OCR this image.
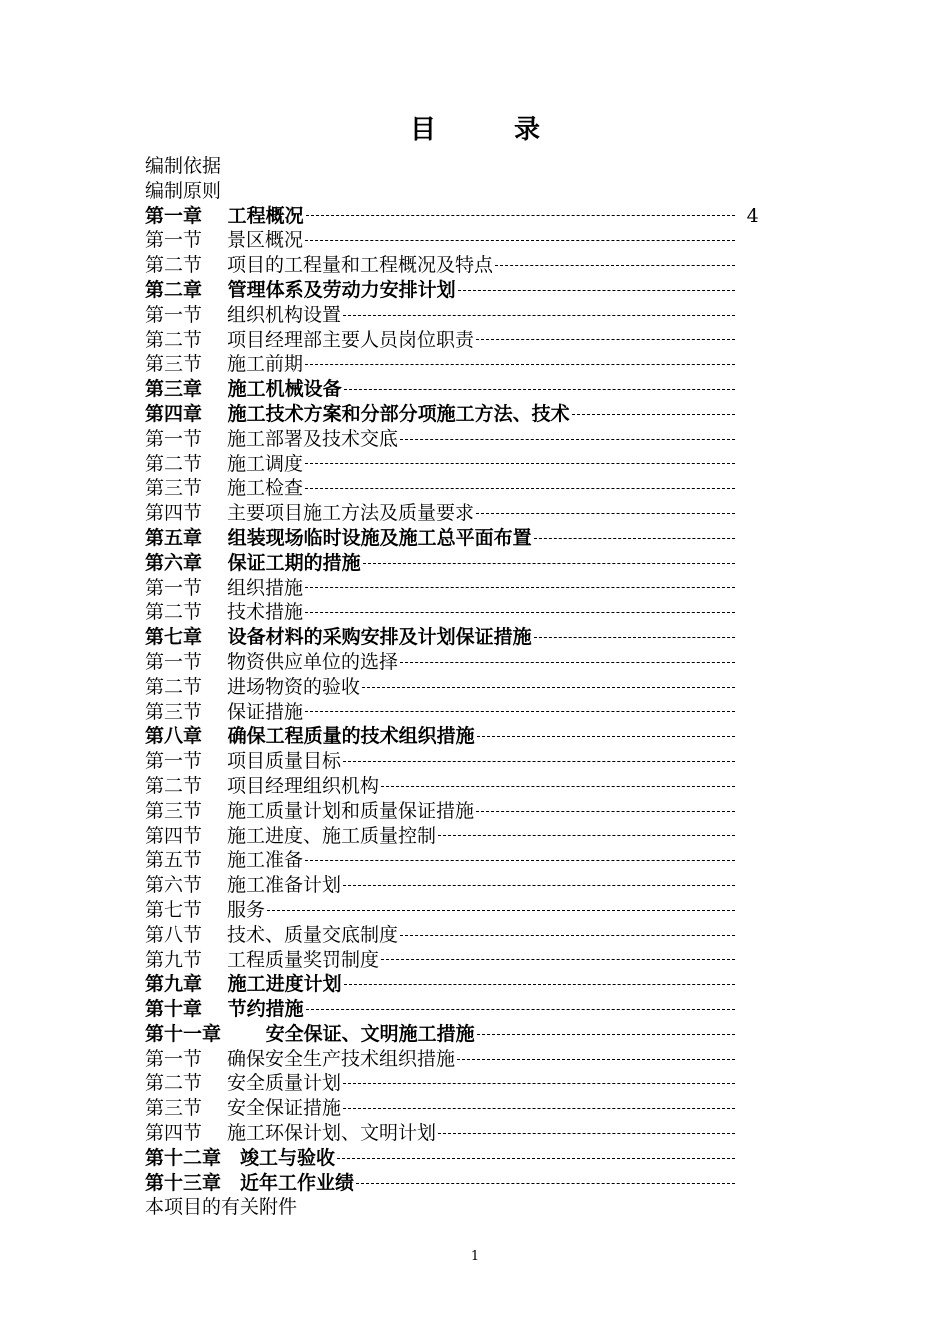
目　录
编制依据
编制原则
第一章　 工程概况	4
第一节　 景区概况
第二节　 项目的工程量和工程概况及特点
第二章　 管理体系及劳动力安排计划
第一节　 组织机构设置
第二节　 项目经理部主要人员岗位职责
第三节　 施工前期
第三章　 施工机械设备
第四章　 施工技术方案和分部分项施工方法、技术
第一节　 施工部署及技术交底
第二节　 施工调度
第三节　 施工检查
第四节　 主要项目施工方法及质量要求
第五章　 组装现场临时设施及施工总平面布置
第六章　 保证工期的措施
第一节　 组织措施
第二节　 技术措施
第七章　 设备材料的采购安排及计划保证措施
第一节　 物资供应单位的选择
第二节　 进场物资的验收
第三节　 保证措施
第八章　 确保工程质量的技术组织措施
第一节　 项目质量目标
第二节　 项目经理组织机构
第三节　 施工质量计划和质量保证措施
第四节　 施工进度、施工质量控制
第五节　 施工准备
第六节　 施工准备计划
第七节　 服务
第八节　 技术、质量交底制度
第九节　 工程质量奖罚制度
第九章　 施工进度计划
第十章　 节约措施
第十一章　 　安全保证、文明施工措施
第一节　 确保安全生产技术组织措施
第二节　 安全质量计划
第三节　 安全保证措施
第四节　 施工环保计划、文明计划
第十二章　竣工与验收
第十三章　近年工作业绩
本项目的有关附件
1
